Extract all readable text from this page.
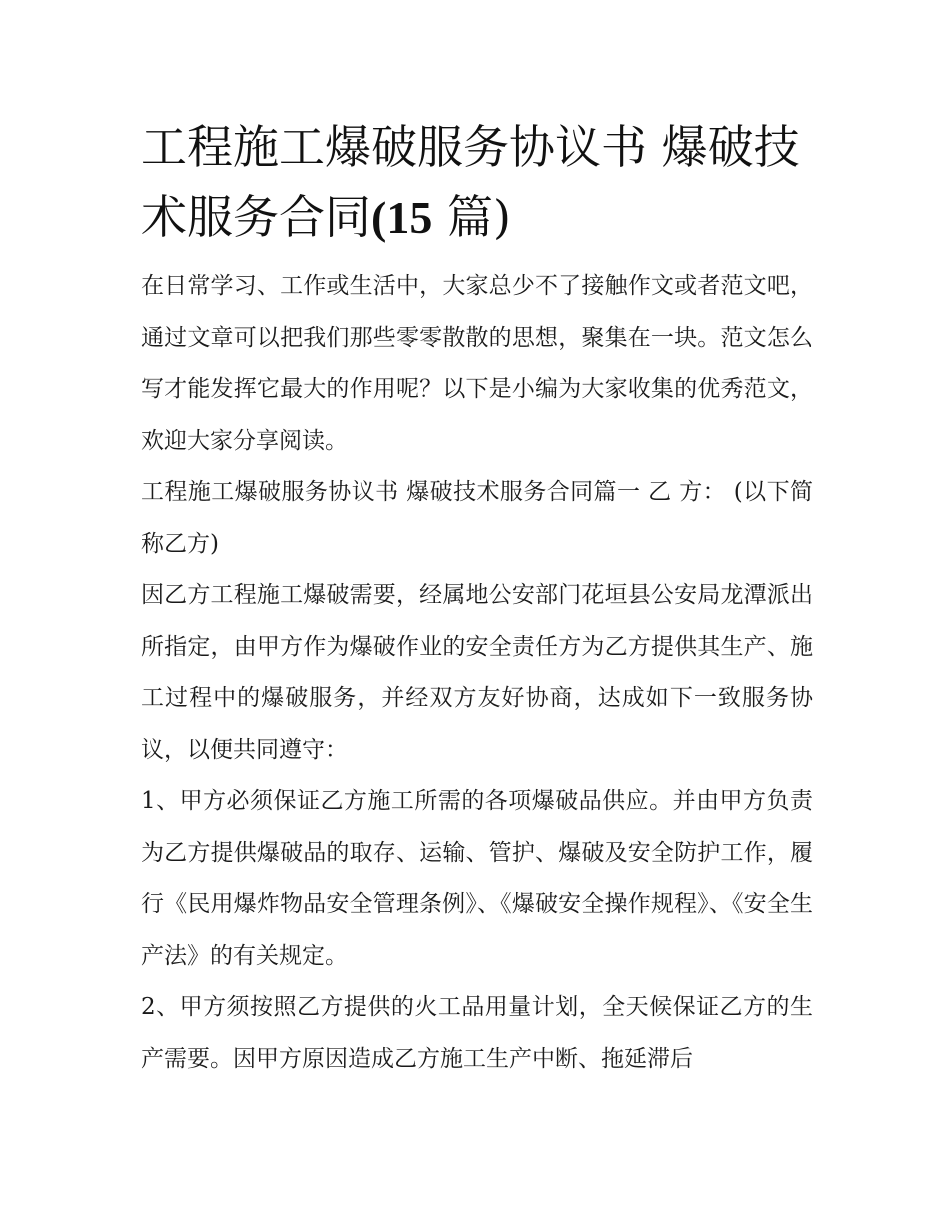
工程施工爆破服务协议书 爆破技术服务合同(15 篇)

在日常学习、工作或生活中，大家总少不了接触作文或者范文吧，通过文章可以把我们那些零零散散的思想，聚集在一块。范文怎么写才能发挥它最大的作用呢？以下是小编为大家收集的优秀范文，欢迎大家分享阅读。

工程施工爆破服务协议书 爆破技术服务合同篇一 乙 方： (以下简称乙方)

因乙方工程施工爆破需要，经属地公安部门花垣县公安局龙潭派出所指定，由甲方作为爆破作业的安全责任方为乙方提供其生产、施工过程中的爆破服务，并经双方友好协商，达成如下一致服务协议，以便共同遵守：

1、甲方必须保证乙方施工所需的各项爆破品供应。并由甲方负责为乙方提供爆破品的取存、运输、管护、爆破及安全防护工作，履行《民用爆炸物品安全管理条例》、《爆破安全操作规程》、《安全生产法》的有关规定。

2、甲方须按照乙方提供的火工品用量计划，全天候保证乙方的生产需要。因甲方原因造成乙方施工生产中断、拖延滞后
